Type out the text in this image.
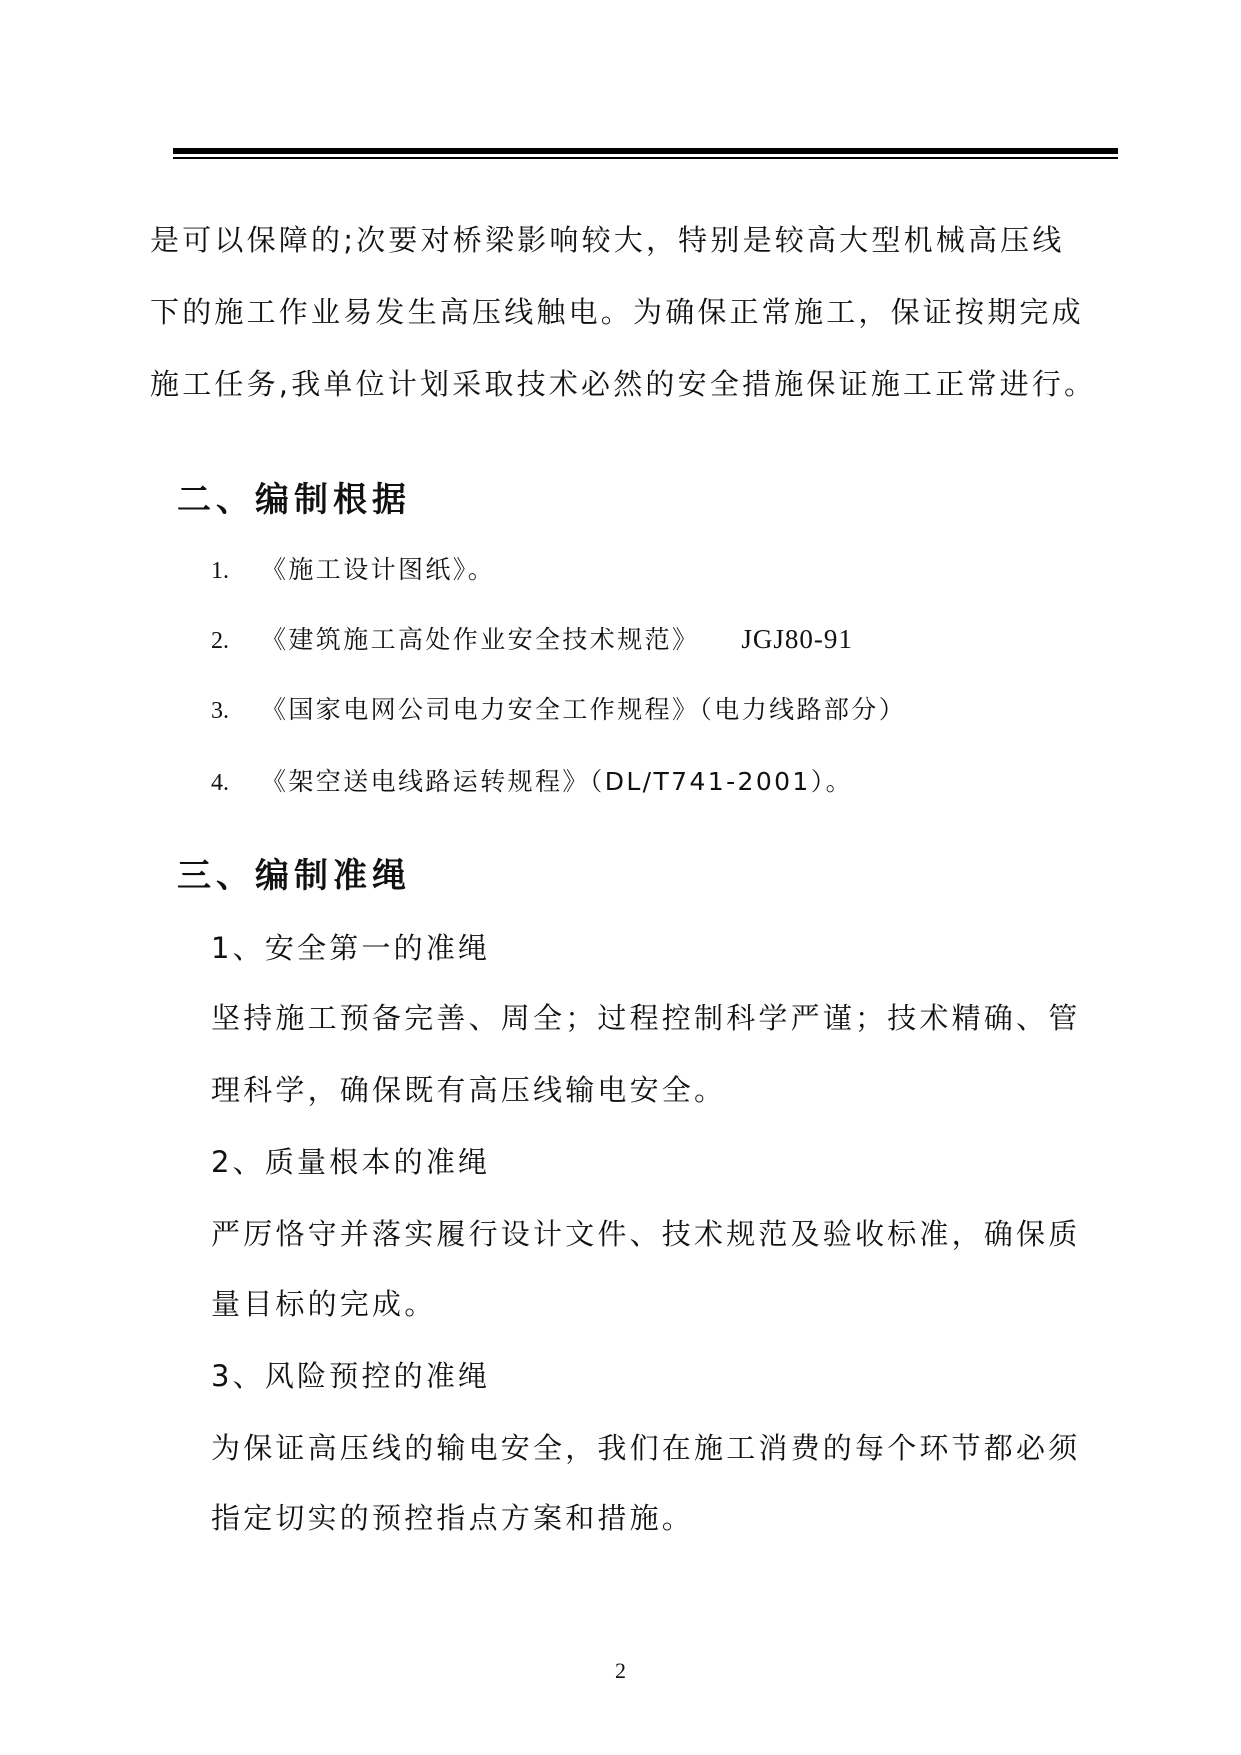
是可以保障的;次要对桥梁影响较大，特别是较高大型机械高压线
下的施工作业易发生高压线触电。为确保正常施工，保证按期完成
施工任务,我单位计划采取技术必然的安全措施保证施工正常进行。
二、编制根据
1. 《施工设计图纸》。
2. 《建筑施工高处作业安全技术规范》 JGJ80-91
3. 《国家电网公司电力安全工作规程》（电力线路部分）
4. 《架空送电线路运转规程》（DL/T741-2001）。
三、编制准绳
1、安全第一的准绳
坚持施工预备完善、周全；过程控制科学严谨；技术精确、管
理科学，确保既有高压线输电安全。
2、质量根本的准绳
严厉恪守并落实履行设计文件、技术规范及验收标准，确保质
量目标的完成。
3、风险预控的准绳
为保证高压线的输电安全，我们在施工消费的每个环节都必须
指定切实的预控指点方案和措施。
2
